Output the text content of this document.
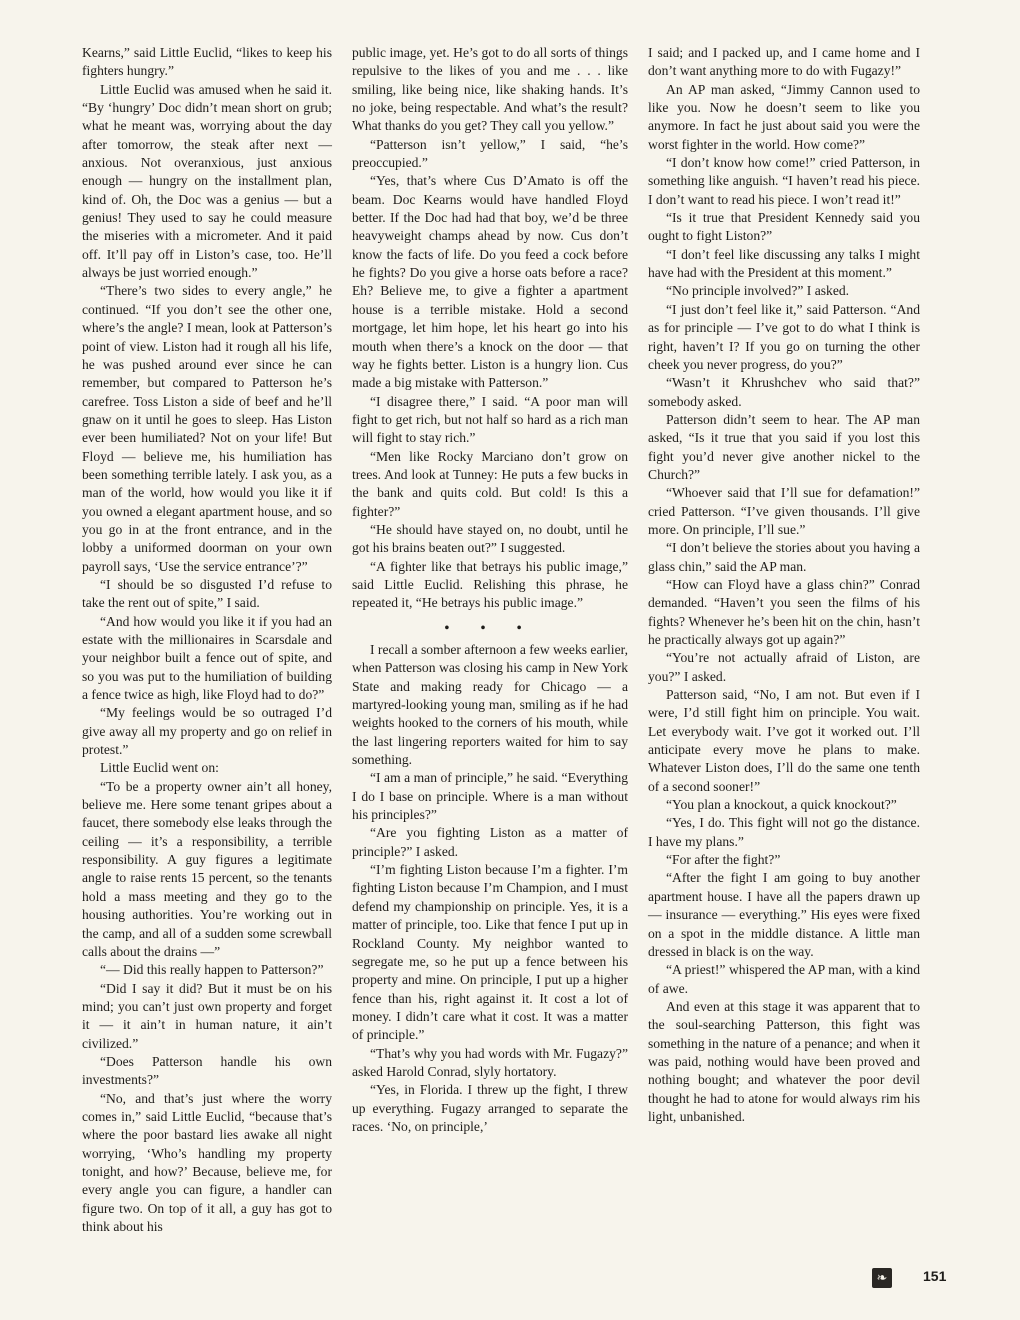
Kearns,” said Little Euclid, “likes to keep his fighters hungry.”

Little Euclid was amused when he said it. “By ‘hungry’ Doc didn’t mean short on grub; what he meant was, worrying about the day after tomorrow, the steak after next — anxious. Not overanxious, just anxious enough — hungry on the installment plan, kind of. Oh, the Doc was a genius — but a genius! They used to say he could measure the miseries with a micrometer. And it paid off. It’ll pay off in Liston’s case, too. He’ll always be just worried enough.”

“There’s two sides to every angle,” he continued. “If you don’t see the other one, where’s the angle? I mean, look at Patterson’s point of view. Liston had it rough all his life, he was pushed around ever since he can remember, but compared to Patterson he’s carefree. Toss Liston a side of beef and he’ll gnaw on it until he goes to sleep. Has Liston ever been humiliated? Not on your life! But Floyd — believe me, his humiliation has been something terrible lately. I ask you, as a man of the world, how would you like it if you owned a elegant apartment house, and so you go in at the front entrance, and in the lobby a uniformed doorman on your own payroll says, ‘Use the service entrance’?”

“I should be so disgusted I’d refuse to take the rent out of spite,” I said.

“And how would you like it if you had an estate with the millionaires in Scarsdale and your neighbor built a fence out of spite, and so you was put to the humiliation of building a fence twice as high, like Floyd had to do?”

“My feelings would be so outraged I’d give away all my property and go on relief in protest.”

Little Euclid went on:

“To be a property owner ain’t all honey, believe me. Here some tenant gripes about a faucet, there somebody else leaks through the ceiling — it’s a responsibility, a terrible responsibility. A guy figures a legitimate angle to raise rents 15 percent, so the tenants hold a mass meeting and they go to the housing authorities. You’re working out in the camp, and all of a sudden some screwball calls about the drains —”

“— Did this really happen to Patterson?”

“Did I say it did? But it must be on his mind; you can’t just own property and forget it — it ain’t in human nature, it ain’t civilized.”

“Does Patterson handle his own investments?”

“No, and that’s just where the worry comes in,” said Little Euclid, “because that’s where the poor bastard lies awake all night worrying, ‘Who’s handling my property tonight, and how?’ Because, believe me, for every angle you can figure, a handler can figure two. On top of it all, a guy has got to think about his

public image, yet. He’s got to do all sorts of things repulsive to the likes of you and me . . . like smiling, like being nice, like shaking hands. It’s no joke, being respectable. And what’s the result? What thanks do you get? They call you yellow.”

“Patterson isn’t yellow,” I said, “he’s preoccupied.”

“Yes, that’s where Cus D’Amato is off the beam. Doc Kearns would have handled Floyd better. If the Doc had had that boy, we’d be three heavyweight champs ahead by now. Cus don’t know the facts of life. Do you feed a cock before he fights? Do you give a horse oats before a race? Eh? Believe me, to give a fighter a apartment house is a terrible mistake. Hold a second mortgage, let him hope, let his heart go into his mouth when there’s a knock on the door — that way he fights better. Liston is a hungry lion. Cus made a big mistake with Patterson.”

“I disagree there,” I said. “A poor man will fight to get rich, but not half so hard as a rich man will fight to stay rich.”

“Men like Rocky Marciano don’t grow on trees. And look at Tunney: He puts a few bucks in the bank and quits cold. But cold! Is this a fighter?”

“He should have stayed on, no doubt, until he got his brains beaten out?” I suggested.

“A fighter like that betrays his public image,” said Little Euclid. Relishing this phrase, he repeated it, “He betrays his public image.”

• • •

I recall a somber afternoon a few weeks earlier, when Patterson was closing his camp in New York State and making ready for Chicago — a martyred-looking young man, smiling as if he had weights hooked to the corners of his mouth, while the last lingering reporters waited for him to say something.

“I am a man of principle,” he said. “Everything I do I base on principle. Where is a man without his principles?”

“Are you fighting Liston as a matter of principle?” I asked.

“I’m fighting Liston because I’m a fighter. I’m fighting Liston because I’m Champion, and I must defend my championship on principle. Yes, it is a matter of principle, too. Like that fence I put up in Rockland County. My neighbor wanted to segregate me, so he put up a fence between his property and mine. On principle, I put up a higher fence than his, right against it. It cost a lot of money. I didn’t care what it cost. It was a matter of principle.”

“That’s why you had words with Mr. Fugazy?” asked Harold Conrad, slyly hortatory.

“Yes, in Florida. I threw up the fight, I threw up everything. Fugazy arranged to separate the races. ‘No, on principle,’

I said; and I packed up, and I came home and I don’t want anything more to do with Fugazy!”

An AP man asked, “Jimmy Cannon used to like you. Now he doesn’t seem to like you anymore. In fact he just about said you were the worst fighter in the world. How come?”

“I don’t know how come!” cried Patterson, in something like anguish. “I haven’t read his piece. I don’t want to read his piece. I won’t read it!”

“Is it true that President Kennedy said you ought to fight Liston?”

“I don’t feel like discussing any talks I might have had with the President at this moment.”

“No principle involved?” I asked.

“I just don’t feel like it,” said Patterson. “And as for principle — I’ve got to do what I think is right, haven’t I? If you go on turning the other cheek you never progress, do you?”

“Wasn’t it Khrushchev who said that?” somebody asked.

Patterson didn’t seem to hear. The AP man asked, “Is it true that you said if you lost this fight you’d never give another nickel to the Church?”

“Whoever said that I’ll sue for defamation!” cried Patterson. “I’ve given thousands. I’ll give more. On principle, I’ll sue.”

“I don’t believe the stories about you having a glass chin,” said the AP man.

“How can Floyd have a glass chin?” Conrad demanded. “Haven’t you seen the films of his fights? Whenever he’s been hit on the chin, hasn’t he practically always got up again?”

“You’re not actually afraid of Liston, are you?” I asked.

Patterson said, “No, I am not. But even if I were, I’d still fight him on principle. You wait. Let everybody wait. I’ve got it worked out. I’ll anticipate every move he plans to make. Whatever Liston does, I’ll do the same one tenth of a second sooner!”

“You plan a knockout, a quick knockout?”

“Yes, I do. This fight will not go the distance. I have my plans.”

“For after the fight?”

“After the fight I am going to buy another apartment house. I have all the papers drawn up — insurance — everything.” His eyes were fixed on a spot in the middle distance. A little man dressed in black is on the way.

“A priest!” whispered the AP man, with a kind of awe.

And even at this stage it was apparent that to the soul-searching Patterson, this fight was something in the nature of a penance; and when it was paid, nothing would have been proved and nothing bought; and whatever the poor devil thought he had to atone for would always rim his light, unbanished.

❧	151
